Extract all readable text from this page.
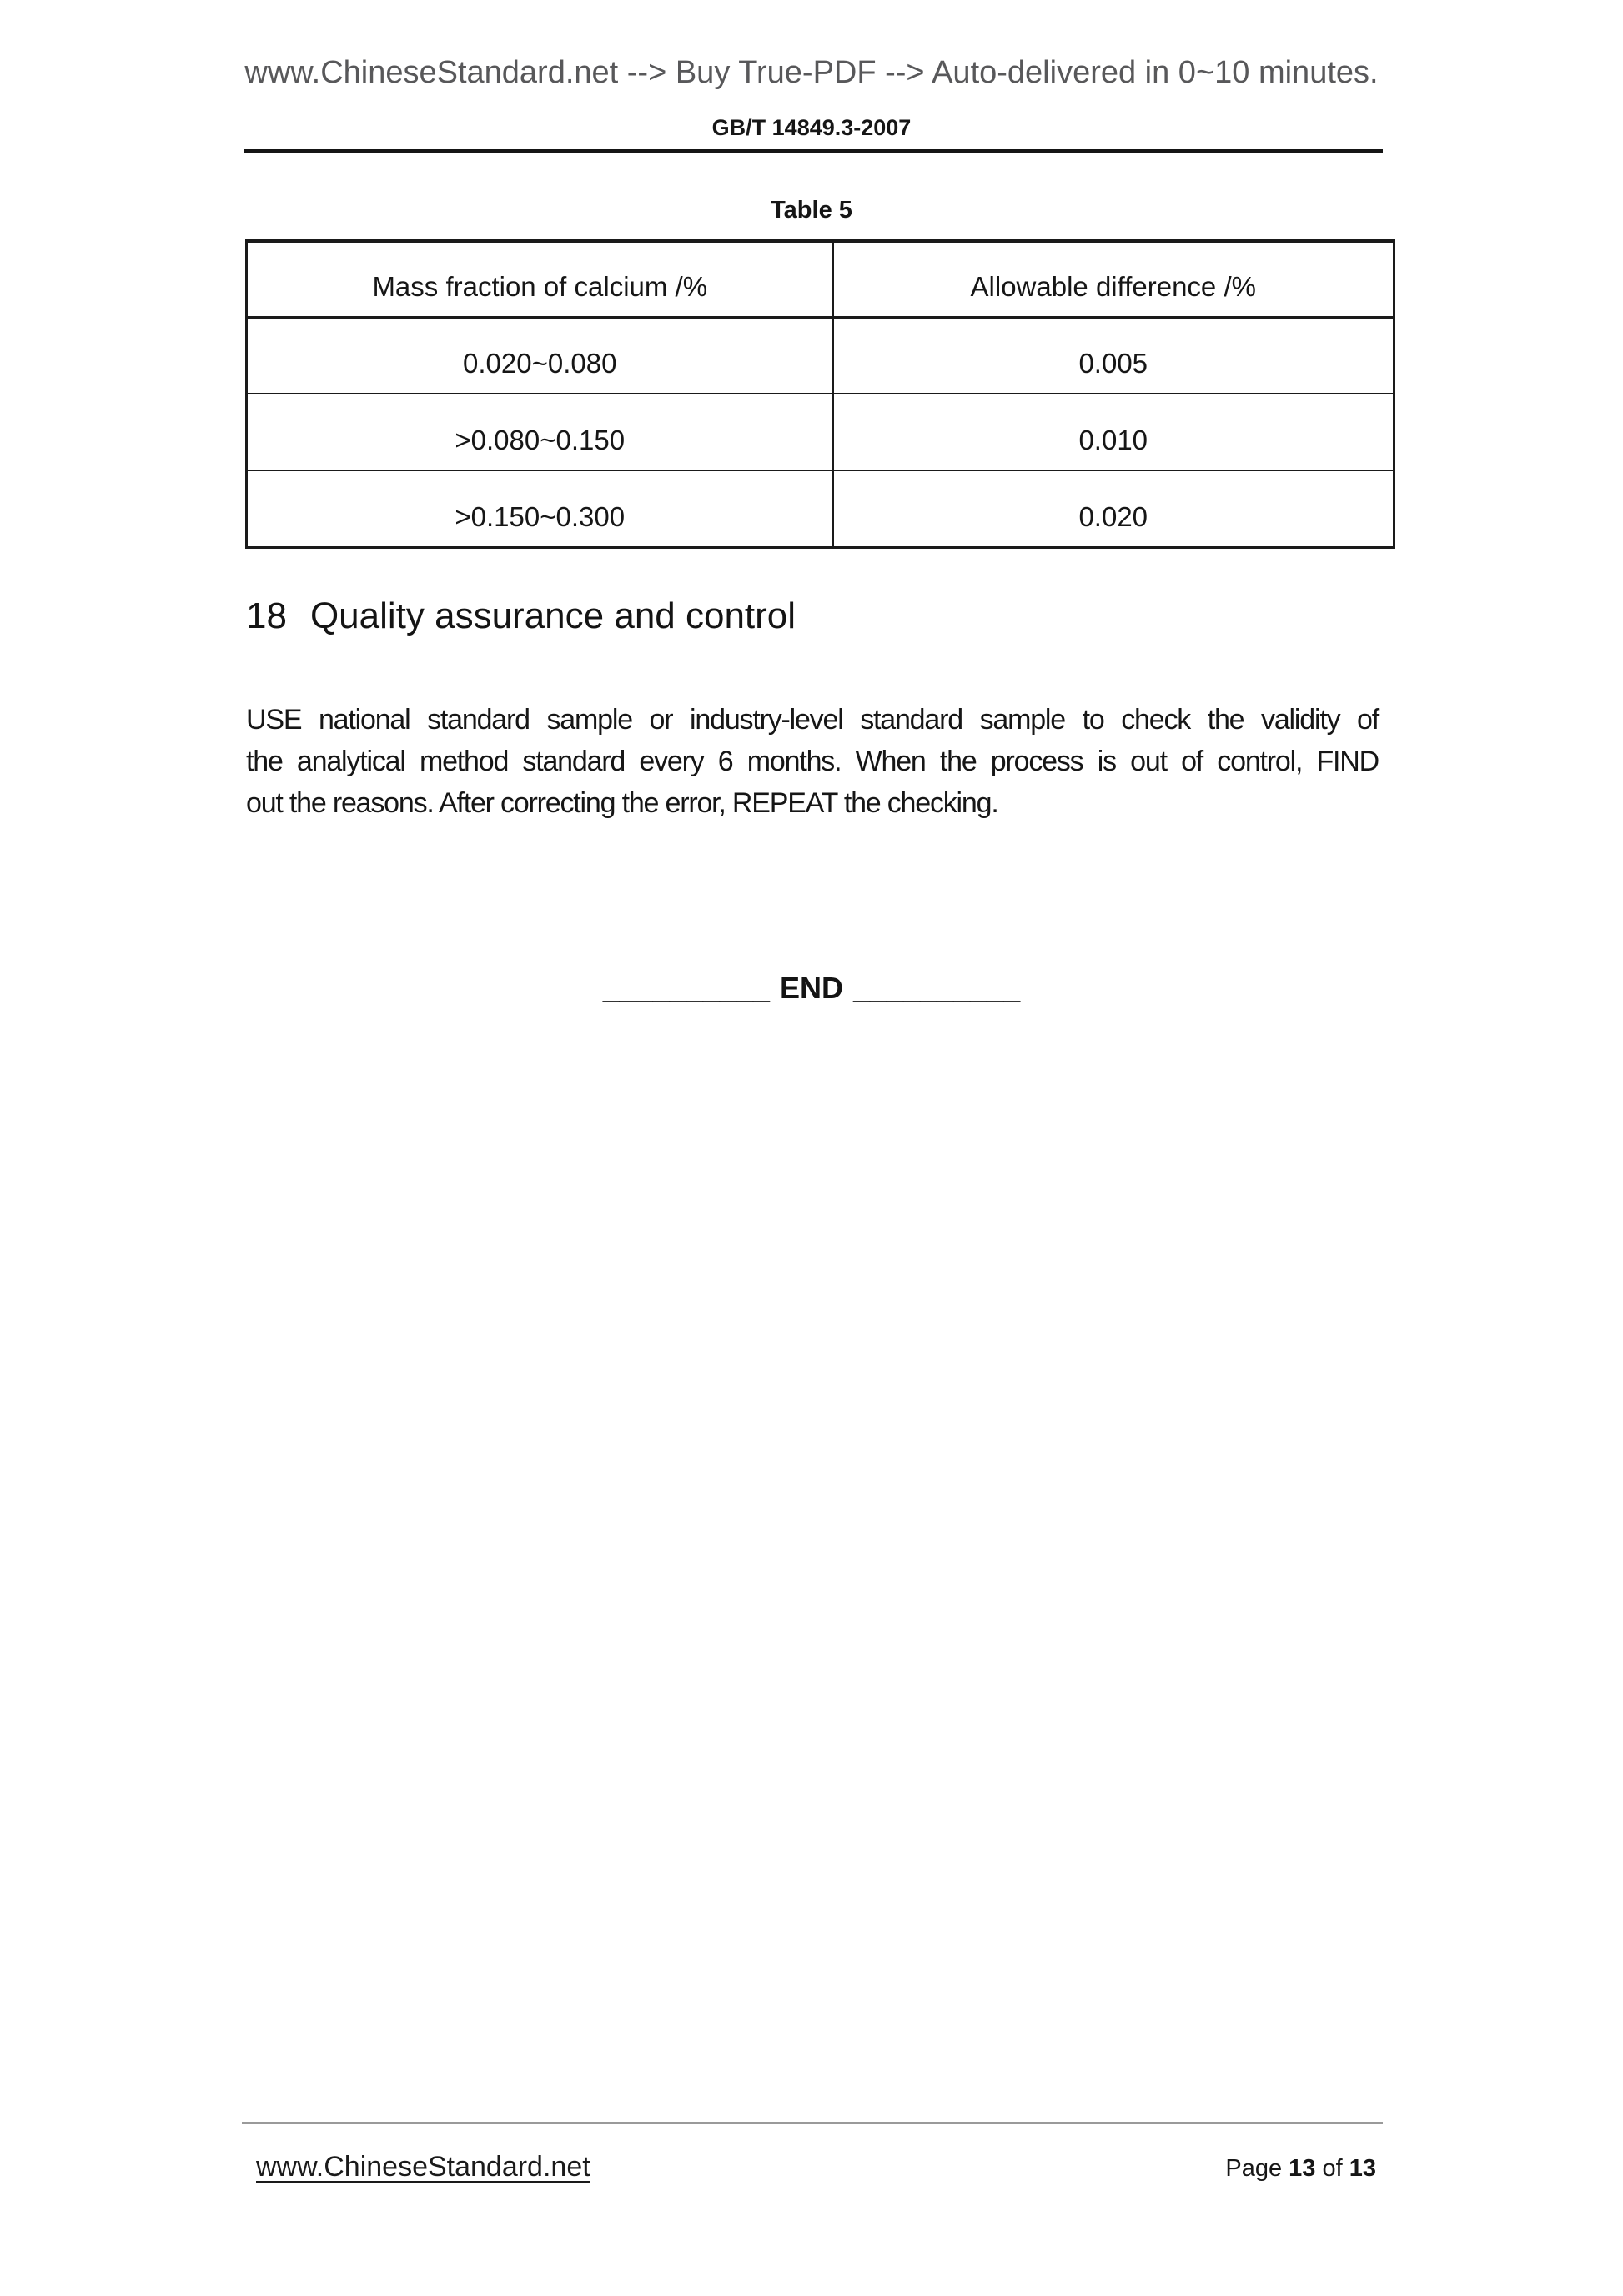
www.ChineseStandard.net --> Buy True-PDF --> Auto-delivered in 0~10 minutes.
GB/T 14849.3-2007
Table 5
Mass fraction of calcium /%	Allowable difference /%
0.020~0.080	0.005
>0.080~0.150	0.010
>0.150~0.300	0.020
18 Quality assurance and control
USE national standard sample or industry-level standard sample to check the validity of
the analytical method standard every 6 months. When the process is out of control, FIND
out the reasons. After correcting the error, REPEAT the checking.
__________ END __________
www.ChineseStandard.net	Page 13 of 13
